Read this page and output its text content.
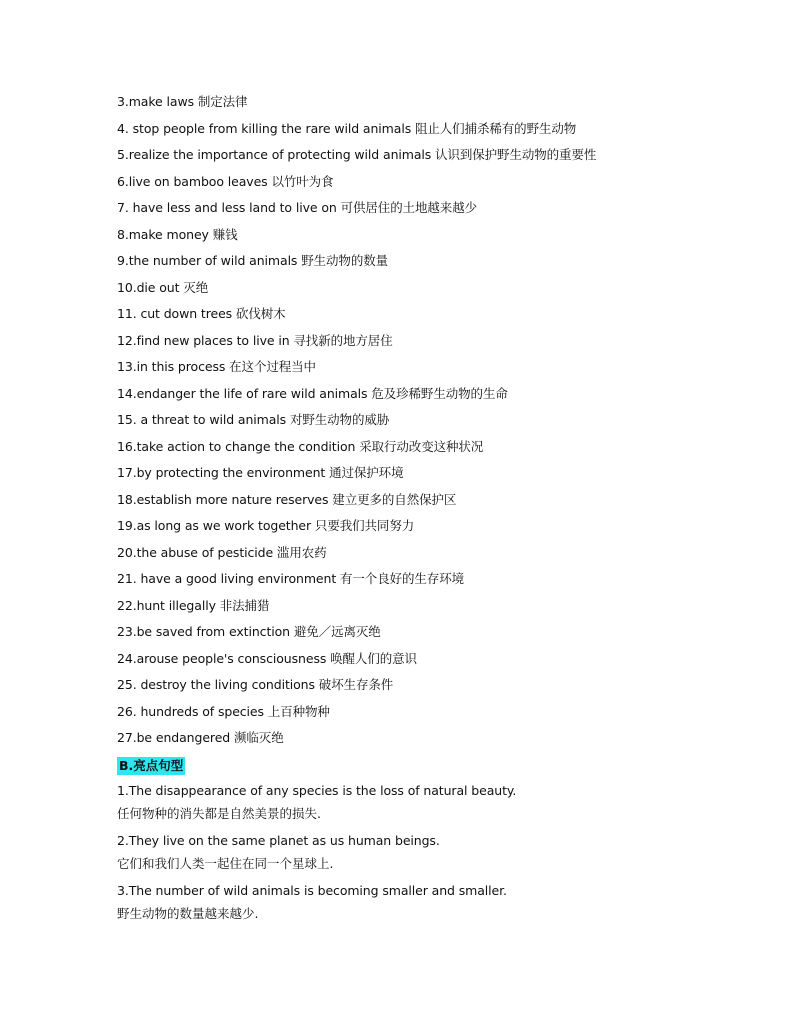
3.make laws 制定法律
4. stop people from killing the rare wild animals 阻止人们捕杀稀有的野生动物
5.realize the importance of protecting wild animals 认识到保护野生动物的重要性
6.live on bamboo leaves 以竹叶为食
7. have less and less land to live on 可供居住的土地越来越少
8.make money 赚钱
9.the number of wild animals 野生动物的数量
10.die out 灭绝
11. cut down trees 砍伐树木
12.find new places to live in 寻找新的地方居住
13.in this process 在这个过程当中
14.endanger the life of rare wild animals 危及珍稀野生动物的生命
15. a threat to wild animals 对野生动物的威胁
16.take action to change the condition 采取行动改变这种状况
17.by protecting the environment 通过保护环境
18.establish more nature reserves 建立更多的自然保护区
19.as long as we work together 只要我们共同努力
20.the abuse of pesticide 滥用农药
21. have a good living environment 有一个良好的生存环境
22.hunt illegally 非法捕猎
23.be saved from extinction 避免／远离灭绝
24.arouse people's consciousness 唤醒人们的意识
25. destroy the living conditions 破坏生存条件
26. hundreds of species 上百种物种
27.be endangered 濒临灭绝
B.亮点句型
1.The disappearance of any species is the loss of natural beauty.
任何物种的消失都是自然美景的损失.
2.They live on the same planet as us human beings.
它们和我们人类一起住在同一个星球上.
3.The number of wild animals is becoming smaller and smaller.
野生动物的数量越来越少.
